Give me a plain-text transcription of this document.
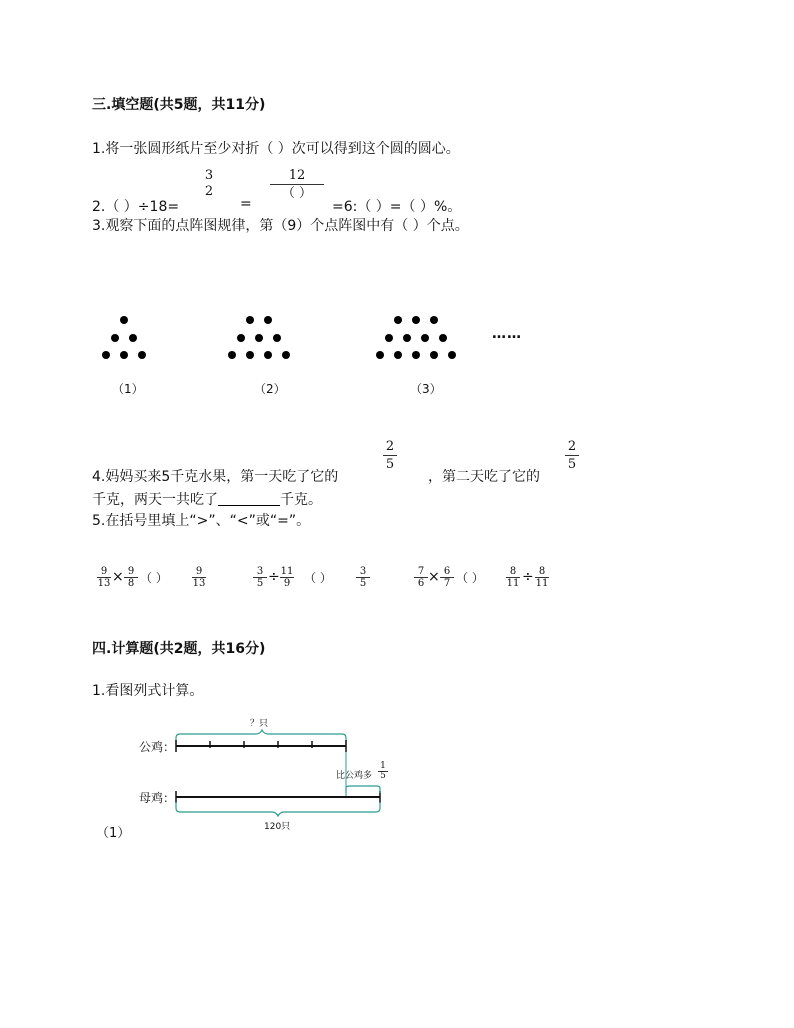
三.填空题(共5题，共11分)
1.将一张圆形纸片至少对折（ ）次可以得到这个圆的圆心。
2.（ ）÷18=
3
2
=
12
（ ）
=6:（ ）=（ ）%。
3.观察下面的点阵图规律，第（9）个点阵图中有（ ）个点。
……
（1）	（2）	（3）
4.妈妈买来5千克水果，第一天吃了它的
2
5
，第二天吃了它的
2
5
千克，两天一共吃了	千克。
5.在括号里填上“>”、“<”或“=”。
9
13 × 9
8 （ ）	9
13
3
5 ÷ 11
9	（ ）	3
5
7
6 × 6
7 （ ）	8
11 ÷ 8
11
四.计算题(共2题，共16分)
1.看图列式计算。
公鸡：
母鸡：
？只
比公鸡多
1
5
120只
（1）
